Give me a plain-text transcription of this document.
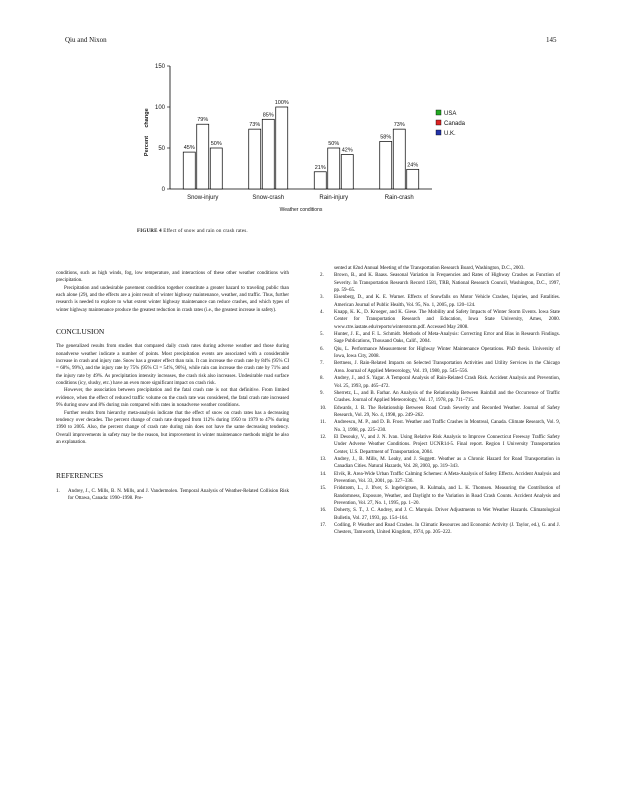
Qiu and Nixon	145
0
50
100
150
Percent
change
45%
79%
50%
Snow-injury
73%
85%
100%
Snow-crash
21%
50%
42%
Rain-injury
58%
73%
24%
Rain-crash
Weather conditions
USA
Canada
U.K.
FIGURE 4 Effect of snow and rain on crash rates.

conditions, such as high winds, fog, low temperature, and interactions of these other weather conditions with precipitation.

Precipitation and undesirable pavement condition together constitute a greater hazard to traveling public than each alone (29), and the effects are a joint result of winter highway maintenance, weather, and traffic. Thus, further research is needed to explore to what extent winter highway maintenance can reduce crashes, and which types of winter highway maintenance produce the greatest reduction in crash rates (i.e., the greatest increase in safety).

CONCLUSION

The generalized results from studies that compared daily crash rates during adverse weather and those during nonadverse weather indicate a number of points. Most precipitation events are associated with a considerable increase in crash and injury rate. Snow has a greater effect than rain. It can increase the crash rate by 84% (95% CI = 68%, 99%), and the injury rate by 75% (95% CI = 54%, 96%), while rain can increase the crash rate by 71% and the injury rate by 49%. As precipitation intensity increases, the crash risk also increases. Undesirable road surface conditions (icy, slushy, etc.) have an even more significant impact on crash risk.

However, the association between precipitation and the fatal crash rate is not that definitive. From limited evidence, when the effect of reduced traffic volume on the crash rate was considered, the fatal crash rate increased 9% during snow and 8% during rain compared with rates in nonadverse weather conditions.

Further results from hierarchy meta-analysis indicate that the effect of snow on crash rates has a decreasing tendency over decades. The percent change of crash rate dropped from 112% during 1950 to 1979 to 47% during 1990 to 2005. Also, the percent change of crash rate during rain does not have the same decreasing tendency. Overall improvements in safety may be the reason, but improvement in winter maintenance methods might be also an explanation.

REFERENCES
1.	Andrey, J., C. Mills, B. N. Mills, and J. Vandermolen. Temporal Analysis of Weather-Related Collision Risk for Ottawa, Canada: 1990–1998. Pre-
sented at 82nd Annual Meeting of the Transportation Research Board, Washington, D.C., 2003.
2.	Brown, B., and K. Baass. Seasonal Variation in Frequencies and Rates of Highway Crashes as Function of Severity. In Transportation Research Record 1581, TRB, National Research Council, Washington, D.C., 1997, pp. 59–65.
3.	Eisenberg, D., and K. E. Warner. Effects of Snowfalls on Motor Vehicle Crashes, Injuries, and Fatalities. American Journal of Public Health, Vol. 95, No. 1, 2005, pp. 120–124.
4.	Knapp, K. K., D. Kroeger, and K. Giese. The Mobility and Safety Impacts of Winter Storm Events. Iowa State Center for Transportation Research and Education, Iowa State University, Ames, 2000. www.ctre.iastate.edu/reports/winterstorm.pdf. Accessed May 2008.
5.	Hunter, J. E., and F. L. Schmidt. Methods of Meta-Analysis: Correcting Error and Bias in Research Findings. Sage Publications, Thousand Oaks, Calif., 2004.
6.	Qiu, L. Performance Measurement for Highway Winter Maintenance Operations. PhD thesis. University of Iowa, Iowa City, 2008.
7.	Bertness, J. Rain-Related Impacts on Selected Transportation Activities and Utility Services in the Chicago Area. Journal of Applied Meteorology, Vol. 19, 1980, pp. 545–556.
8.	Andrey, J., and S. Yagar. A Temporal Analysis of Rain-Related Crash Risk. Accident Analysis and Prevention, Vol. 25, 1993, pp. 465–472.
9.	Sherretz, L., and B. Farhar. An Analysis of the Relationship Between Rainfall and the Occurrence of Traffic Crashes. Journal of Applied Meteorology, Vol. 17, 1978, pp. 711–715.
10.	Edwards, J. B. The Relationship Between Road Crash Severity and Recorded Weather. Journal of Safety Research, Vol. 29, No. 4, 1998, pp. 249–262.
11.	Andreescu, M. P., and D. B. Frost. Weather and Traffic Crashes in Montreal, Canada. Climate Research, Vol. 9, No. 3, 1998, pp. 225–230.
12.	El Desouky, V., and J. N. Ivan. Using Relative Risk Analysis to Improve Connecticut Freeway Traffic Safety Under Adverse Weather Conditions. Project UCNR14-5. Final report. Region I University Transportation Center, U.S. Department of Transportation, 2004.
13.	Andrey, J., B. Mills, M. Leahy, and J. Suggett. Weather as a Chronic Hazard for Road Transportation in Canadian Cities. Natural Hazards, Vol. 28, 2003, pp. 319–343.
14.	Elvik, R. Area-Wide Urban Traffic Calming Schemes: A Meta-Analysis of Safety Effects. Accident Analysis and Prevention, Vol. 33, 2001, pp. 327–336.
15.	Fridstrøm, L., J. Ifver, S. Ingebrigtsen, R. Kulmala, and L. K. Thomsen. Measuring the Contribution of Randomness, Exposure, Weather, and Daylight to the Variation in Road Crash Counts. Accident Analysis and Prevention, Vol. 27, No. 1, 1995, pp. 1–20.
16.	Doherty, S. T., J. C. Andrey, and J. C. Marquis. Driver Adjustments to Wet Weather Hazards. Climatological Bulletin, Vol. 27, 1993, pp. 154–164.
17.	Codling, P. Weather and Road Crashes. In Climatic Resources and Economic Activity (J. Taylor, ed.), G. and J. Chesters, Tamworth, United Kingdom, 1974, pp. 205–222.
